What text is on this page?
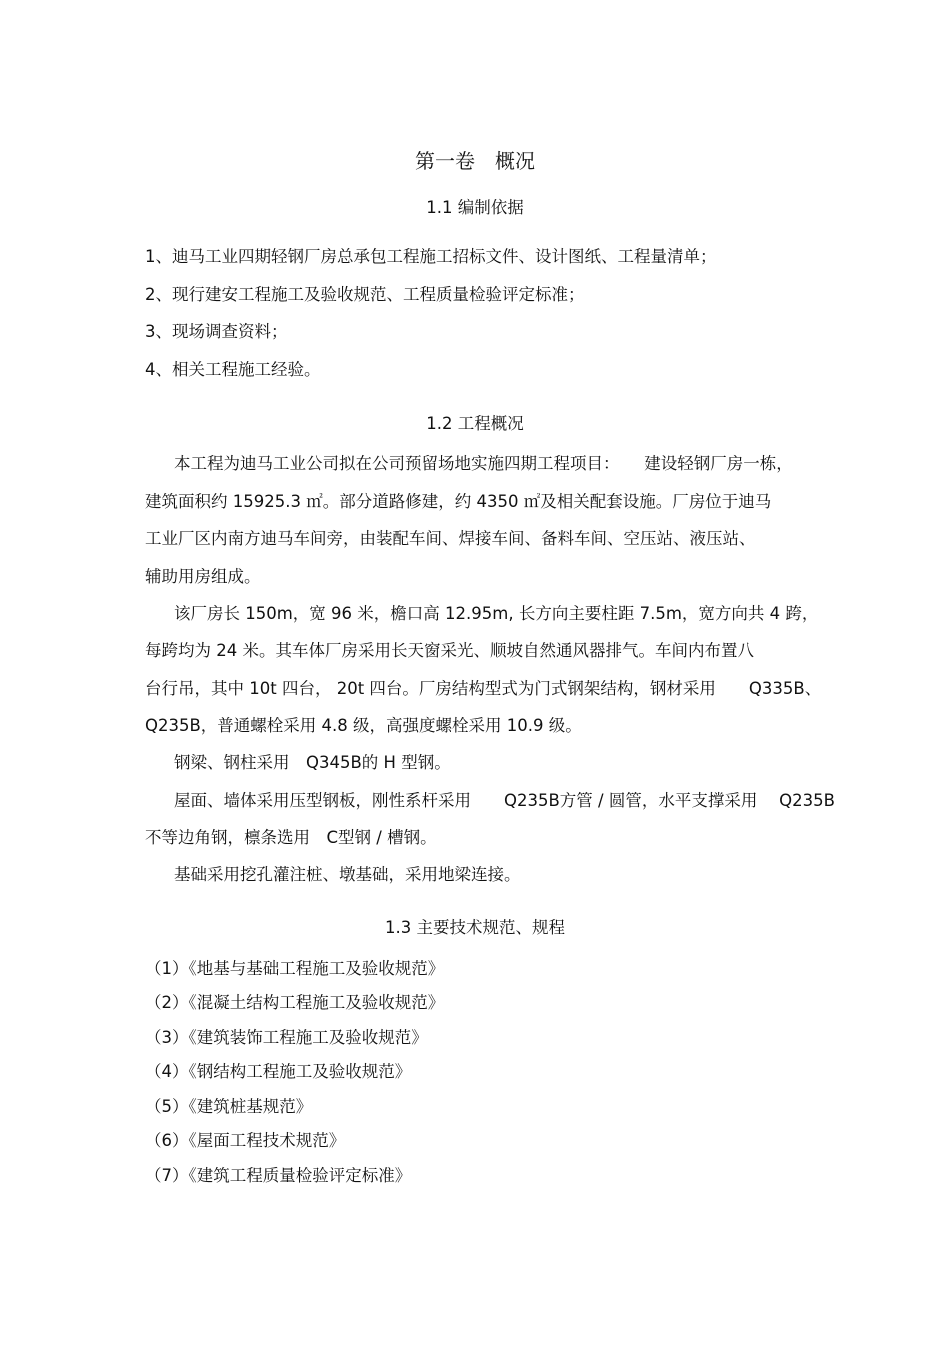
第一卷　概况
1.1 编制依据
1、迪马工业四期轻钢厂房总承包工程施工招标文件、设计图纸、工程量清单；
2、现行建安工程施工及验收规范、工程质量检验评定标准；
3、现场调查资料；
4、相关工程施工经验。
1.2 工程概况
本工程为迪马工业公司拟在公司预留场地实施四期工程项目：　　建设轻钢厂房一栋，
建筑面积约 15925.3 ㎡。部分道路修建，约 4350 ㎡及相关配套设施。厂房位于迪马
工业厂区内南方迪马车间旁，由装配车间、焊接车间、备料车间、空压站、液压站、
辅助用房组成。
该厂房长 150m，宽 96 米，檐口高 12.95m, 长方向主要柱距 7.5m，宽方向共 4 跨，
每跨均为 24 米。其车体厂房采用长天窗采光、顺坡自然通风器排气。车间内布置八
台行吊，其中 10t 四台， 20t 四台。厂房结构型式为门式钢架结构，钢材采用　　Q335B、
Q235B，普通螺栓采用 4.8 级，高强度螺栓采用 10.9 级。
钢梁、钢柱采用　Q345B的 H 型钢。
屋面、墙体采用压型钢板，刚性系杆采用　　Q235B方管 / 圆管，水平支撑采用　 Q235B
不等边角钢，檩条选用　C型钢 / 槽钢。
基础采用挖孔灌注桩、墩基础，采用地梁连接。
1.3 主要技术规范、规程
（1）《地基与基础工程施工及验收规范》
（2）《混凝土结构工程施工及验收规范》
（3）《建筑装饰工程施工及验收规范》
（4）《钢结构工程施工及验收规范》
（5）《建筑桩基规范》
（6）《屋面工程技术规范》
（7）《建筑工程质量检验评定标准》
